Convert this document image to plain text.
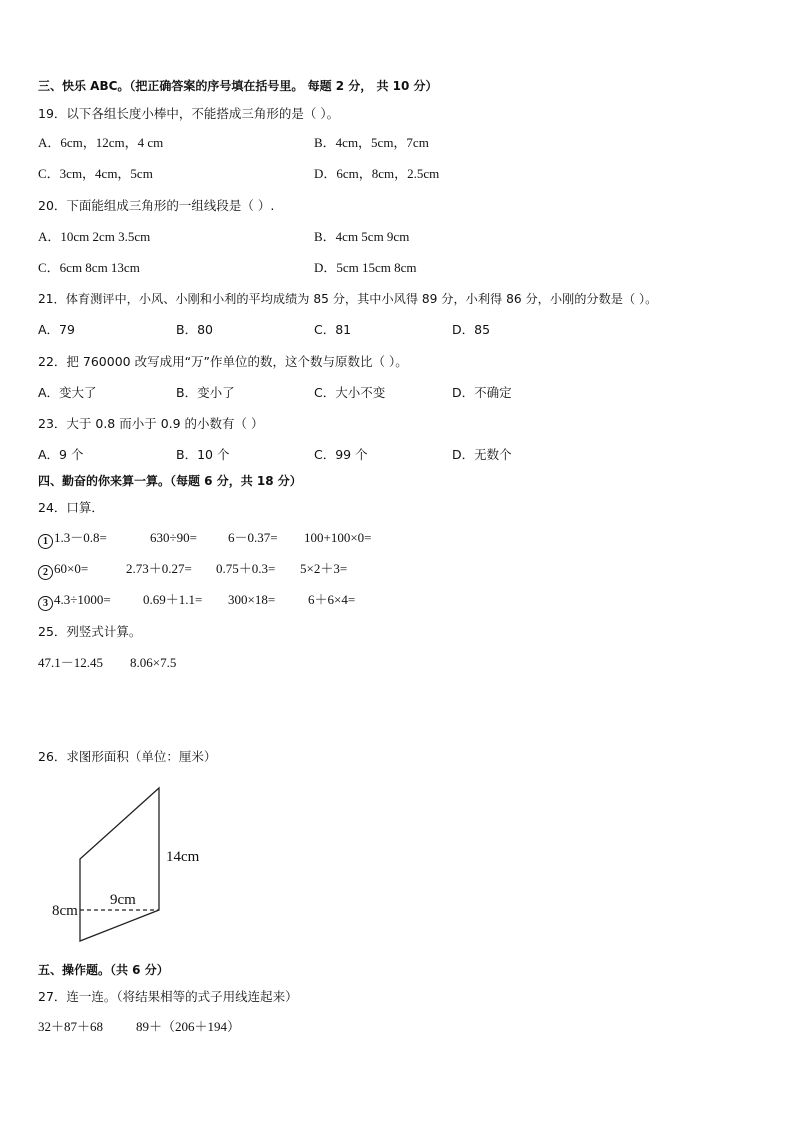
三、快乐 ABC。（把正确答案的序号填在括号里。 每题 2 分， 共 10 分）
19．以下各组长度小棒中，不能搭成三角形的是（ ）。
A．6cm，12cm，4 cm	B．4cm，5cm，7cm
C．3cm，4cm，5cm	D．6cm，8cm，2.5cm
20．下面能组成三角形的一组线段是（ ）.
A．10cm 2cm 3.5cm	B．4cm 5cm 9cm
C．6cm 8cm 13cm	D．5cm 15cm 8cm
21．体育测评中，小风、小刚和小利的平均成绩为 85 分，其中小风得 89 分，小利得 86 分，小刚的分数是（ ）。
A．79	B．80	C．81	D．85
22．把 760000 改写成用“万”作单位的数，这个数与原数比（ ）。
A．变大了	B．变小了	C．大小不变	D．不确定
23．大于 0.8 而小于 0.9 的小数有（ ）
A．9 个	B．10 个	C．99 个	D．无数个
四、勤奋的你来算一算。（每题 6 分，共 18 分）
24．口算．
1 1.3－0.8=	630÷90= 6－0.37= 100+100×0=
2 60×0=	2.73＋0.27= 0.75＋0.3= 5×2＋3=
3 4.3÷1000= 0.69＋1.1= 300×18=	6＋6×4=
25．列竖式计算。
47.1－12.45 8.06×7.5
26．求图形面积（单位：厘米）
14cm
9cm
8cm
五、操作题。（共 6 分）
27．连一连。（将结果相等的式子用线连起来）
32＋87＋68	89＋（206＋194）
